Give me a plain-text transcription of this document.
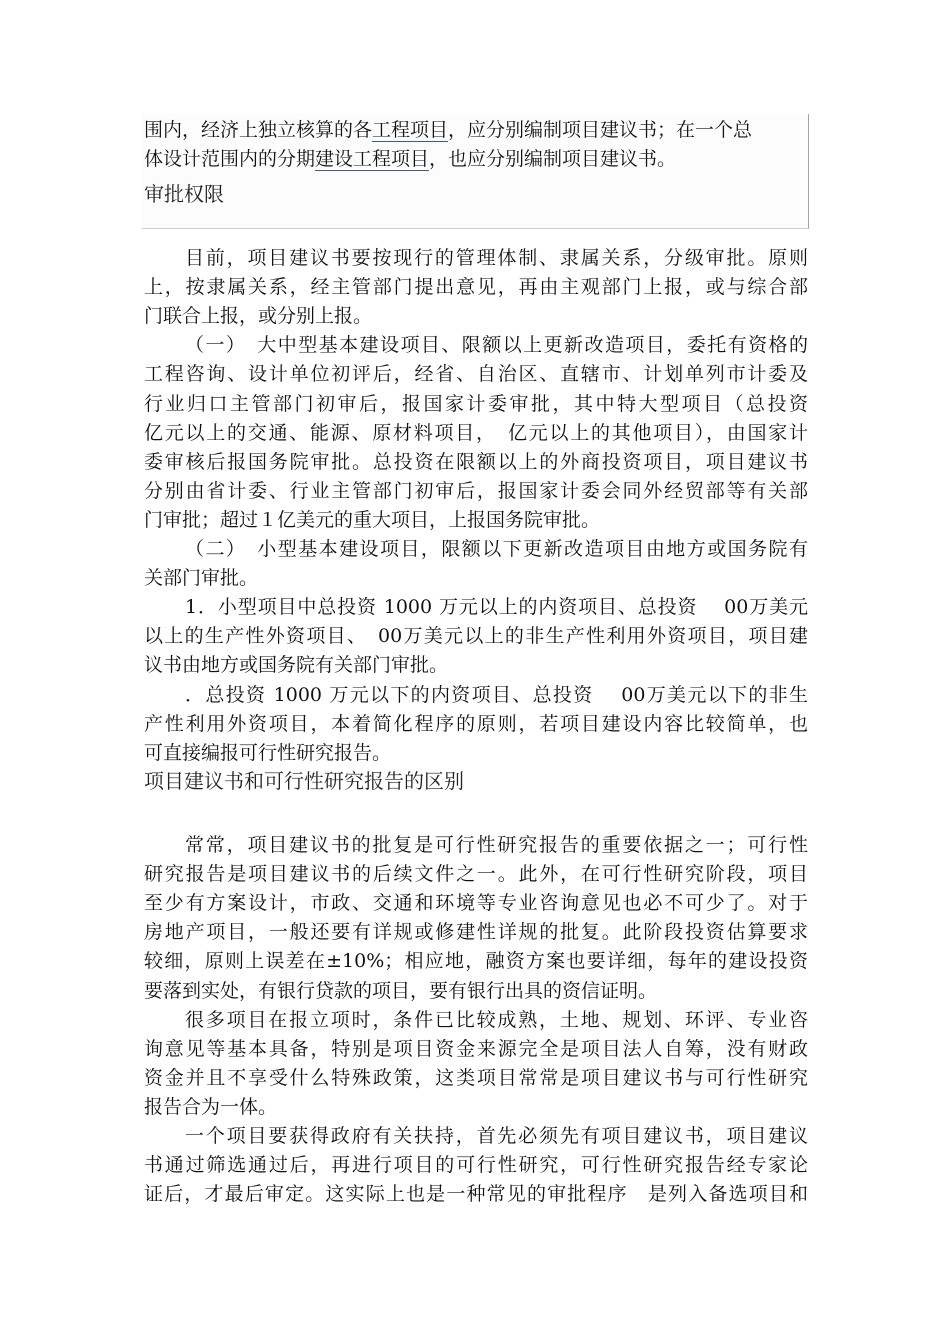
围内，经济上独立核算的各工程项目，应分别编制项目建议书；在一个总
体设计范围内的分期建设工程项目，也应分别编制项目建议书。
审批权限
目前，项目建议书要按现行的管理体制、隶属关系，分级审批。原则
上，按隶属关系，经主管部门提出意见，再由主观部门上报，或与综合部
门联合上报，或分别上报。
（一）　大中型基本建设项目、限额以上更新改造项目，委托有资格的
工程咨询、设计单位初评后，经省、自治区、直辖市、计划单列市计委及
行业归口主管部门初审后，报国家计委审批，其中特大型项目（总投资
亿元以上的交通、能源、原材料项目，　亿元以上的其他项目），由国家计
委审核后报国务院审批。总投资在限额以上的外商投资项目，项目建议书
分别由省计委、行业主管部门初审后，报国家计委会同外经贸部等有关部
门审批；超过１亿美元的重大项目，上报国务院审批。
（二）　小型基本建设项目，限额以下更新改造项目由地方或国务院有
关部门审批。
1．小型项目中总投资 1000 万元以上的内资项目、总投资　 00万美元
以上的生产性外资项目、　00万美元以上的非生产性利用外资项目，项目建
议书由地方或国务院有关部门审批。
．总投资 1000 万元以下的内资项目、总投资　 00万美元以下的非生
产性利用外资项目，本着简化程序的原则，若项目建设内容比较简单，也
可直接编报可行性研究报告。
项目建议书和可行性研究报告的区别
常常，项目建议书的批复是可行性研究报告的重要依据之一；可行性
研究报告是项目建议书的后续文件之一。此外，在可行性研究阶段，项目
至少有方案设计，市政、交通和环境等专业咨询意见也必不可少了。对于
房地产项目，一般还要有详规或修建性详规的批复。此阶段投资估算要求
较细，原则上误差在±10%；相应地，融资方案也要详细，每年的建设投资
要落到实处，有银行贷款的项目，要有银行出具的资信证明。
很多项目在报立项时，条件已比较成熟，土地、规划、环评、专业咨
询意见等基本具备，特别是项目资金来源完全是项目法人自筹，没有财政
资金并且不享受什么特殊政策，这类项目常常是项目建议书与可行性研究
报告合为一体。
一个项目要获得政府有关扶持，首先必须先有项目建议书，项目建议
书通过筛选通过后，再进行项目的可行性研究，可行性研究报告经专家论
证后，才最后审定。这实际上也是一种常见的审批程序　是列入备选项目和
